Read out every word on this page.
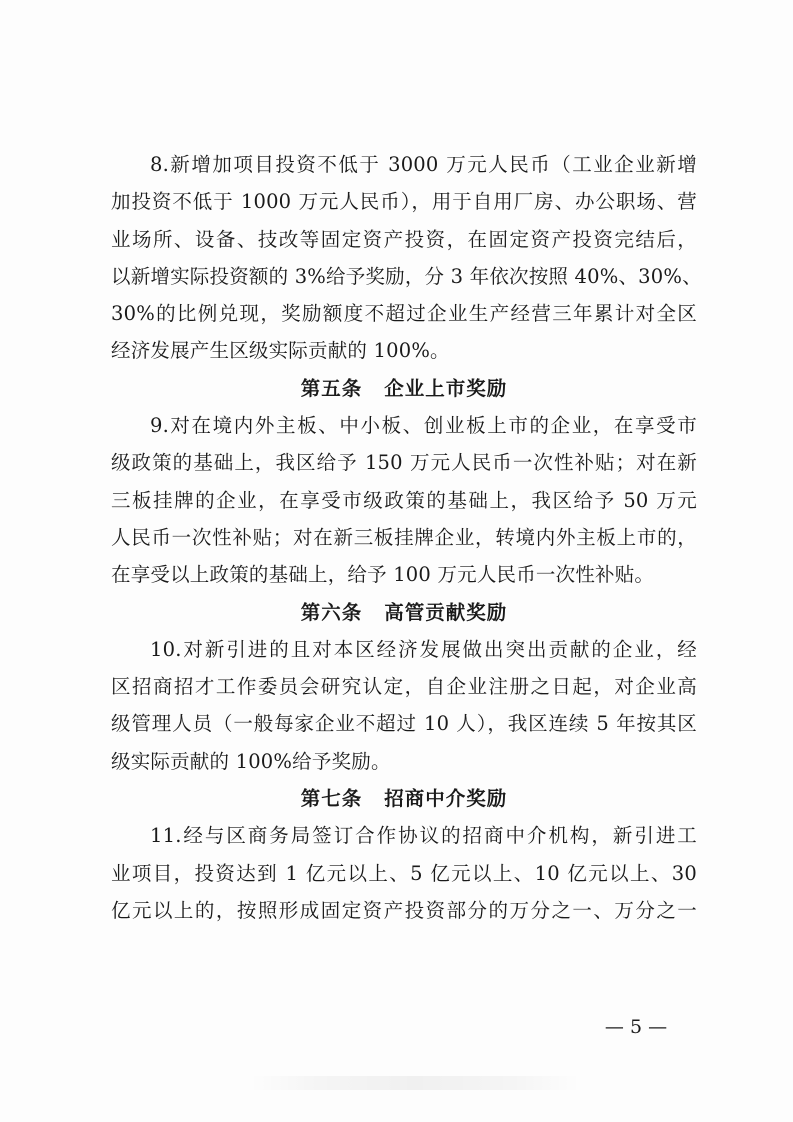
8.新增加项目投资不低于 3000 万元人民币（工业企业新增
加投资不低于 1000 万元人民币），用于自用厂房、办公职场、营
业场所、设备、技改等固定资产投资，在固定资产投资完结后，
以新增实际投资额的 3%给予奖励，分 3 年依次按照 40%、30%、
30%的比例兑现，奖励额度不超过企业生产经营三年累计对全区
经济发展产生区级实际贡献的 100%。

第五条 企业上市奖励

9.对在境内外主板、中小板、创业板上市的企业，在享受市
级政策的基础上，我区给予 150 万元人民币一次性补贴；对在新
三板挂牌的企业，在享受市级政策的基础上，我区给予 50 万元
人民币一次性补贴；对在新三板挂牌企业，转境内外主板上市的，
在享受以上政策的基础上，给予 100 万元人民币一次性补贴。

第六条 高管贡献奖励

10.对新引进的且对本区经济发展做出突出贡献的企业，经
区招商招才工作委员会研究认定，自企业注册之日起，对企业高
级管理人员（一般每家企业不超过 10 人），我区连续 5 年按其区
级实际贡献的 100%给予奖励。

第七条 招商中介奖励

11.经与区商务局签订合作协议的招商中介机构，新引进工
业项目，投资达到 1 亿元以上、5 亿元以上、10 亿元以上、30
亿元以上的，按照形成固定资产投资部分的万分之一、万分之一

— 5 —
